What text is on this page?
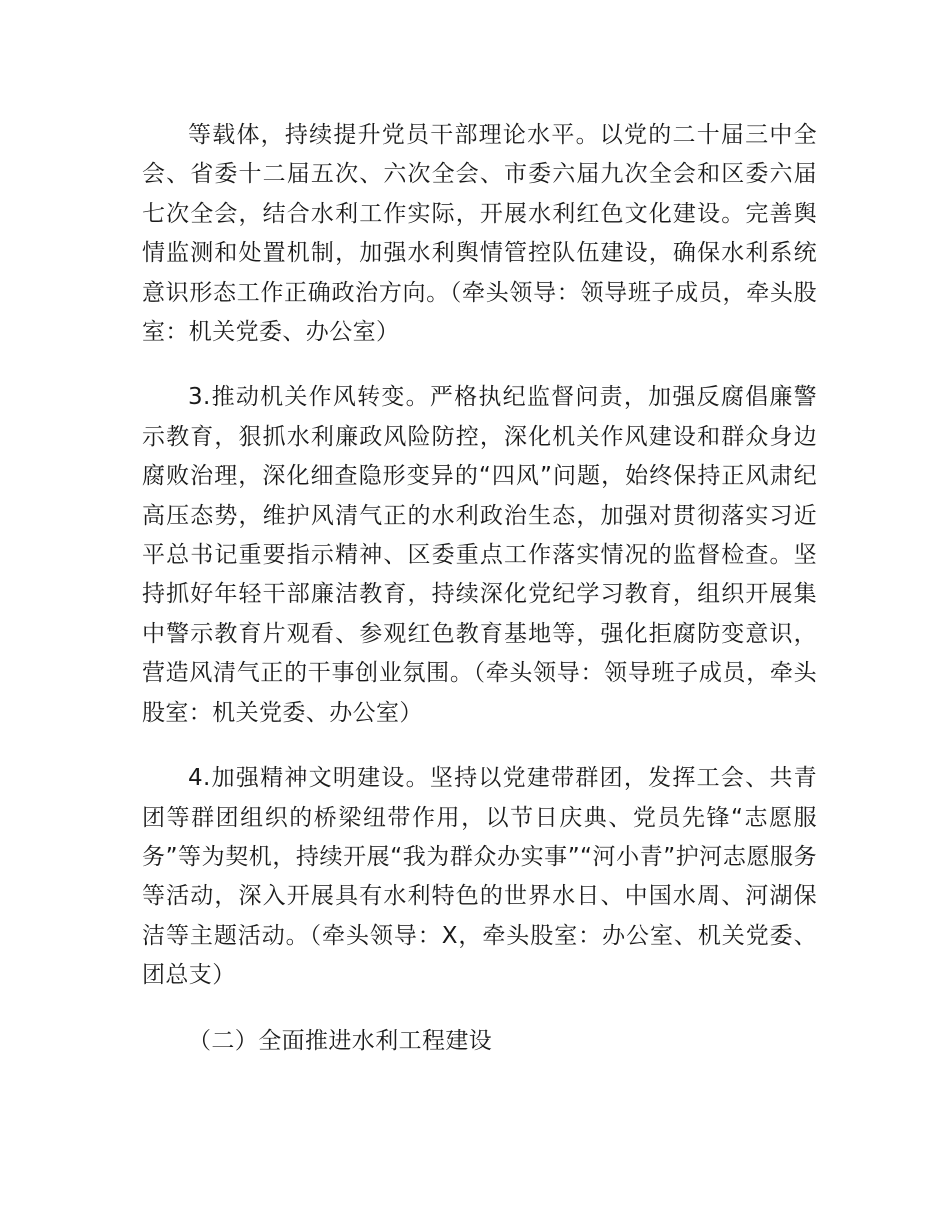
等载体，持续提升党员干部理论水平。以党的二十届三中全会、省委十二届五次、六次全会、市委六届九次全会和区委六届七次全会，结合水利工作实际，开展水利红色文化建设。完善舆情监测和处置机制，加强水利舆情管控队伍建设，确保水利系统意识形态工作正确政治方向。（牵头领导：领导班子成员，牵头股室：机关党委、办公室）

3.推动机关作风转变。严格执纪监督问责，加强反腐倡廉警示教育，狠抓水利廉政风险防控，深化机关作风建设和群众身边腐败治理，深化细查隐形变异的“四风”问题，始终保持正风肃纪高压态势，维护风清气正的水利政治生态，加强对贯彻落实习近平总书记重要指示精神、区委重点工作落实情况的监督检查。坚持抓好年轻干部廉洁教育，持续深化党纪学习教育，组织开展集中警示教育片观看、参观红色教育基地等，强化拒腐防变意识，营造风清气正的干事创业氛围。（牵头领导：领导班子成员，牵头股室：机关党委、办公室）

4.加强精神文明建设。坚持以党建带群团，发挥工会、共青团等群团组织的桥梁纽带作用，以节日庆典、党员先锋“志愿服务”等为契机，持续开展“我为群众办实事”“河小青”护河志愿服务等活动，深入开展具有水利特色的世界水日、中国水周、河湖保洁等主题活动。（牵头领导：X，牵头股室：办公室、机关党委、团总支）

（二）全面推进水利工程建设
